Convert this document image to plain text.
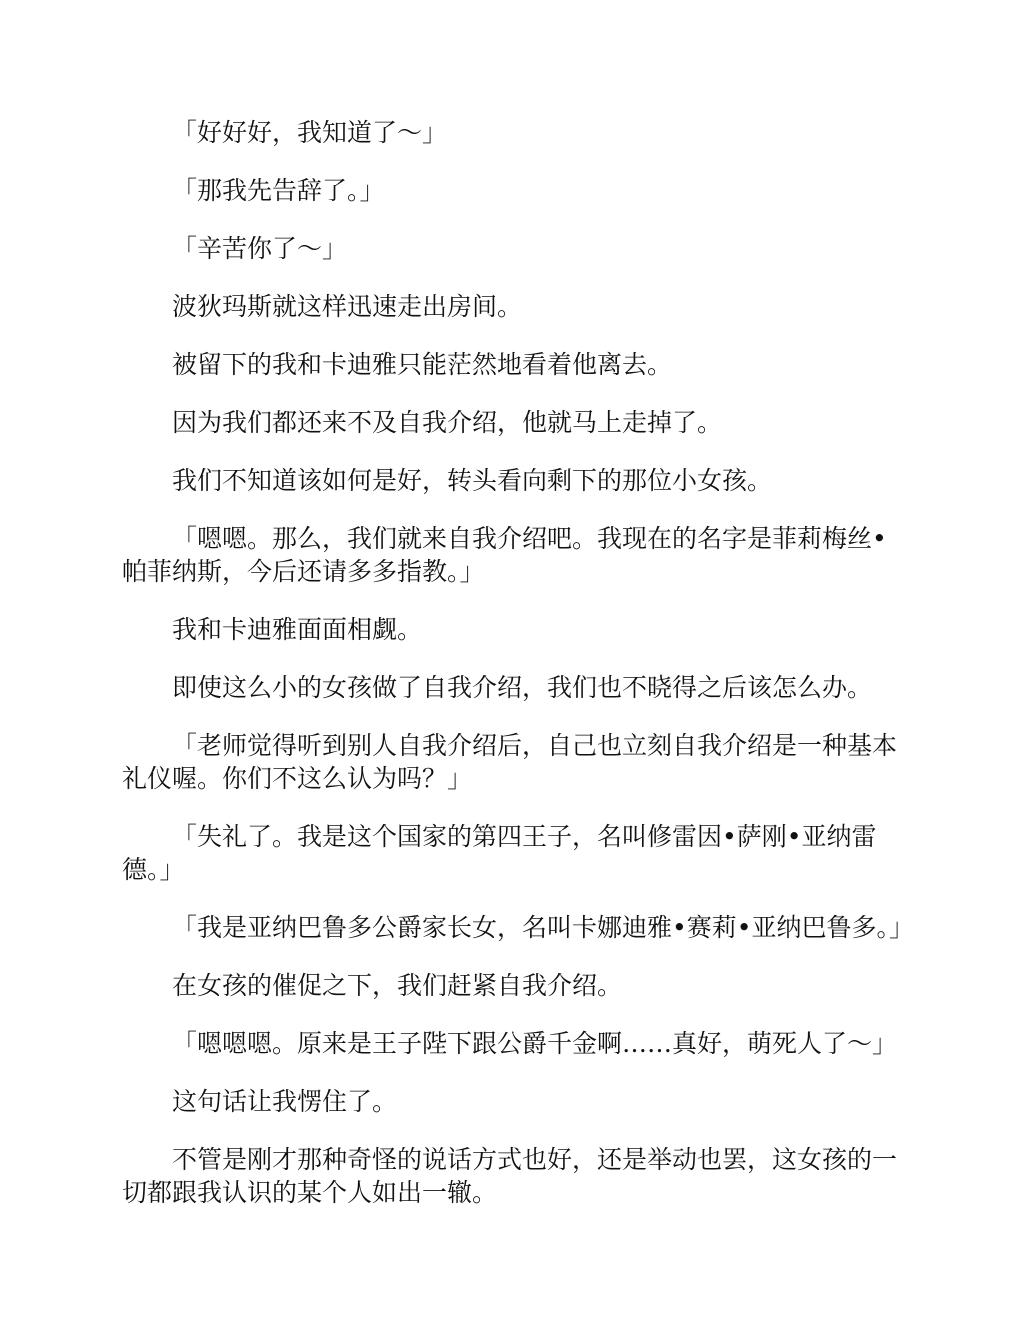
「好好好，我知道了～」

「那我先告辞了。」

「辛苦你了～」

波狄玛斯就这样迅速走出房间。

被留下的我和卡迪雅只能茫然地看着他离去。

因为我们都还来不及自我介绍，他就马上走掉了。

我们不知道该如何是好，转头看向剩下的那位小女孩。

「嗯嗯。那么，我们就来自我介绍吧。我现在的名字是菲莉梅丝•帕菲纳斯，今后还请多多指教。」

我和卡迪雅面面相觑。

即使这么小的女孩做了自我介绍，我们也不晓得之后该怎么办。

「老师觉得听到别人自我介绍后，自己也立刻自我介绍是一种基本礼仪喔。你们不这么认为吗？」

「失礼了。我是这个国家的第四王子，名叫修雷因•萨刚•亚纳雷德。」

「我是亚纳巴鲁多公爵家长女，名叫卡娜迪雅•赛莉•亚纳巴鲁多。」

在女孩的催促之下，我们赶紧自我介绍。

「嗯嗯嗯。原来是王子陛下跟公爵千金啊……真好，萌死人了～」

这句话让我愣住了。

不管是刚才那种奇怪的说话方式也好，还是举动也罢，这女孩的一切都跟我认识的某个人如出一辙。
